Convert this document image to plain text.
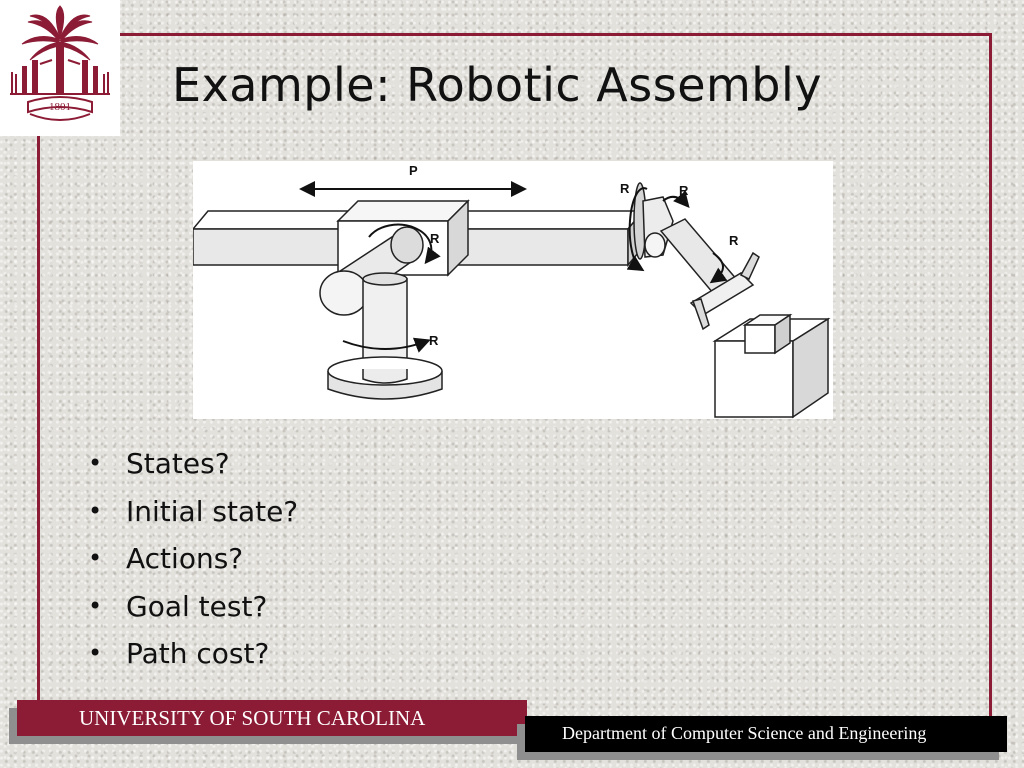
1801 Example: Robotic Assembly
P
R
R
R	R
R
• States?
• Initial state?
• Actions?
• Goal test?
• Path cost?
UNIVERSITY OF SOUTH CAROLINA
Department of Computer Science and Engineering
